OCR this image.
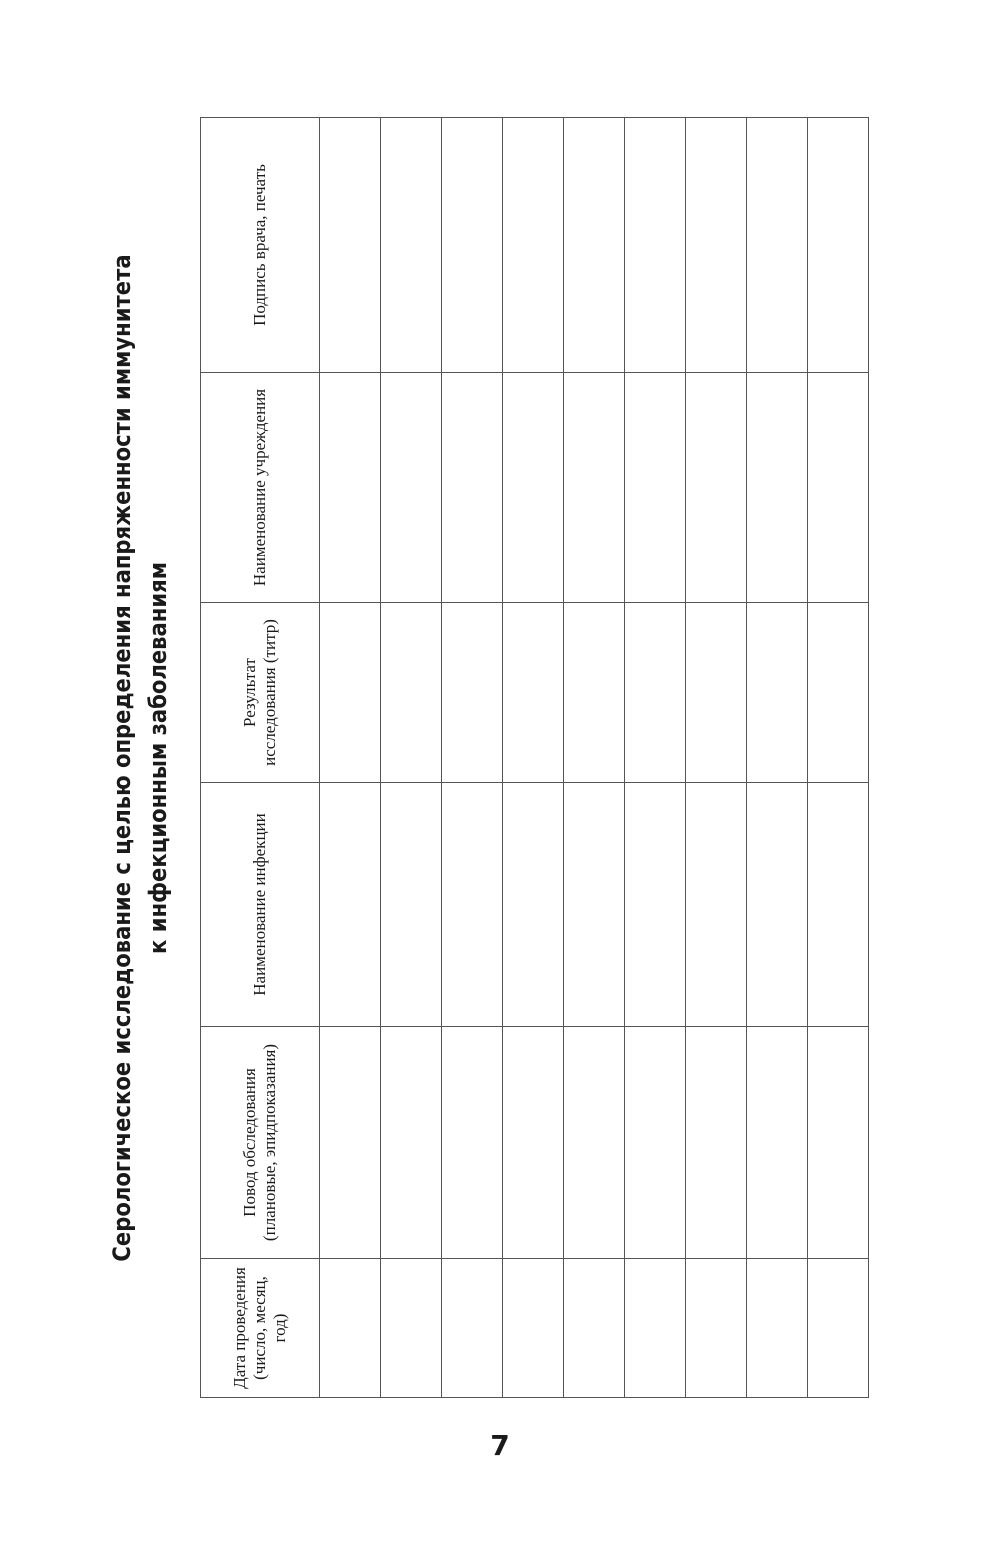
Серологическое исследование с целью определения напряженности иммунитета к инфекционным заболеваниям
Дата проведения (число, месяц, год)	Повод обследования (плановые, эпидпоказания)	Наименование инфекции	Результат исследования (титр)	Наименование учреждения	Подпись врача, печать

7
